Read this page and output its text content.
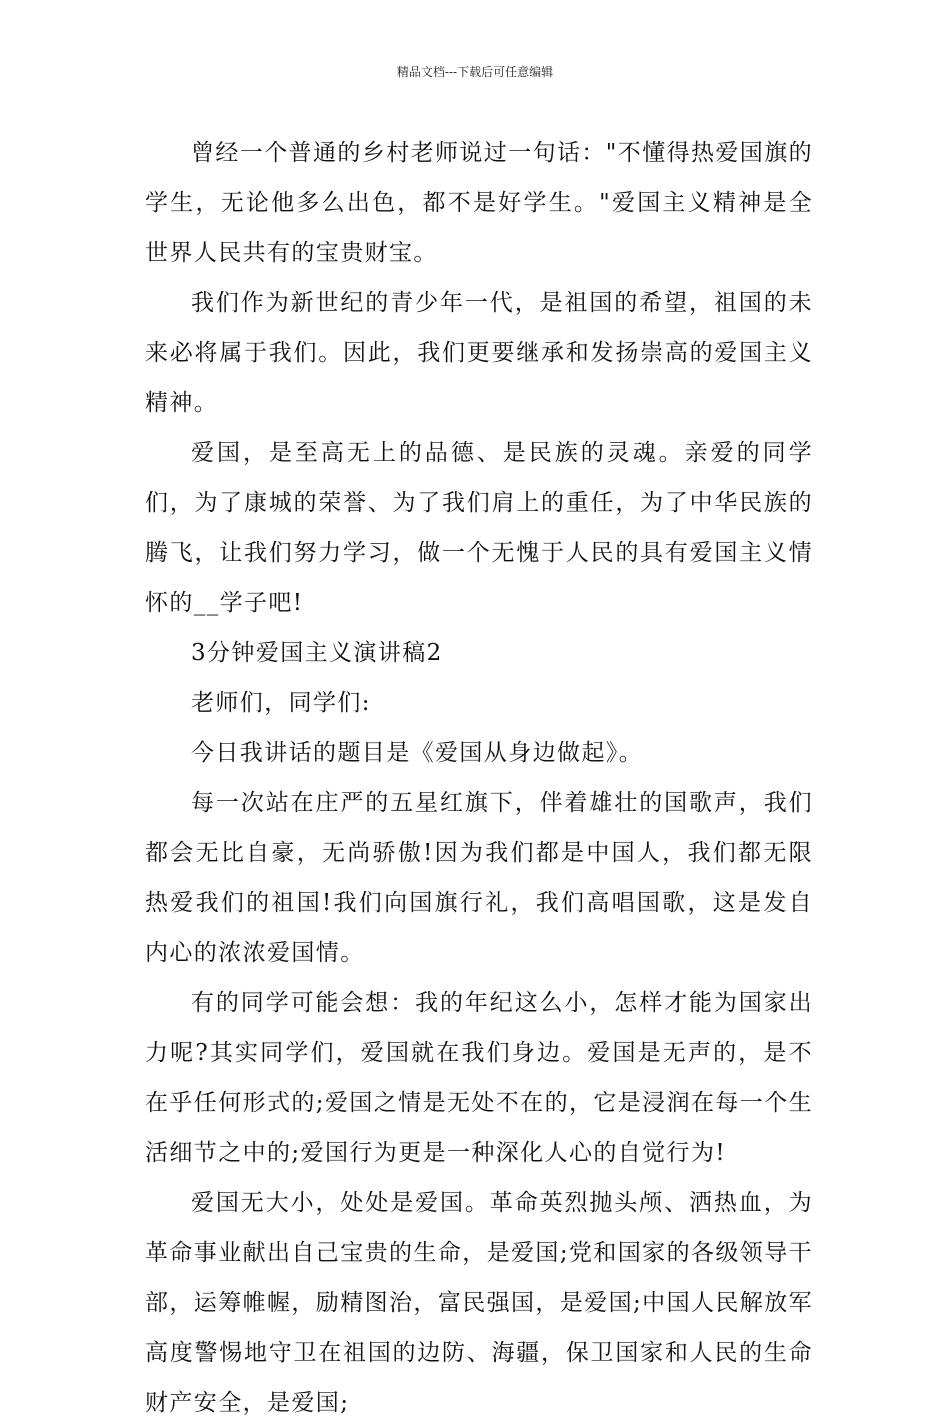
精品文档---下载后可任意编辑

曾经一个普通的乡村老师说过一句话："不懂得热爱国旗的学生，无论他多么出色，都不是好学生。"爱国主义精神是全世界人民共有的宝贵财宝。

我们作为新世纪的青少年一代，是祖国的希望，祖国的未来必将属于我们。因此，我们更要继承和发扬崇高的爱国主义精神。

爱国，是至高无上的品德、是民族的灵魂。亲爱的同学们，为了康城的荣誉、为了我们肩上的重任，为了中华民族的腾飞，让我们努力学习，做一个无愧于人民的具有爱国主义情怀的__学子吧!

3分钟爱国主义演讲稿2

老师们，同学们:

今日我讲话的题目是《爱国从身边做起》。

每一次站在庄严的五星红旗下，伴着雄壮的国歌声，我们都会无比自豪，无尚骄傲!因为我们都是中国人，我们都无限热爱我们的祖国!我们向国旗行礼，我们高唱国歌，这是发自内心的浓浓爱国情。

有的同学可能会想：我的年纪这么小，怎样才能为国家出力呢?其实同学们，爱国就在我们身边。爱国是无声的，是不在乎任何形式的;爱国之情是无处不在的，它是浸润在每一个生活细节之中的;爱国行为更是一种深化人心的自觉行为!

爱国无大小，处处是爱国。革命英烈抛头颅、洒热血，为革命事业献出自己宝贵的生命，是爱国;党和国家的各级领导干部，运筹帷幄，励精图治，富民强国，是爱国;中国人民解放军高度警惕地守卫在祖国的边防、海疆，保卫国家和人民的生命财产安全，是爱国;
